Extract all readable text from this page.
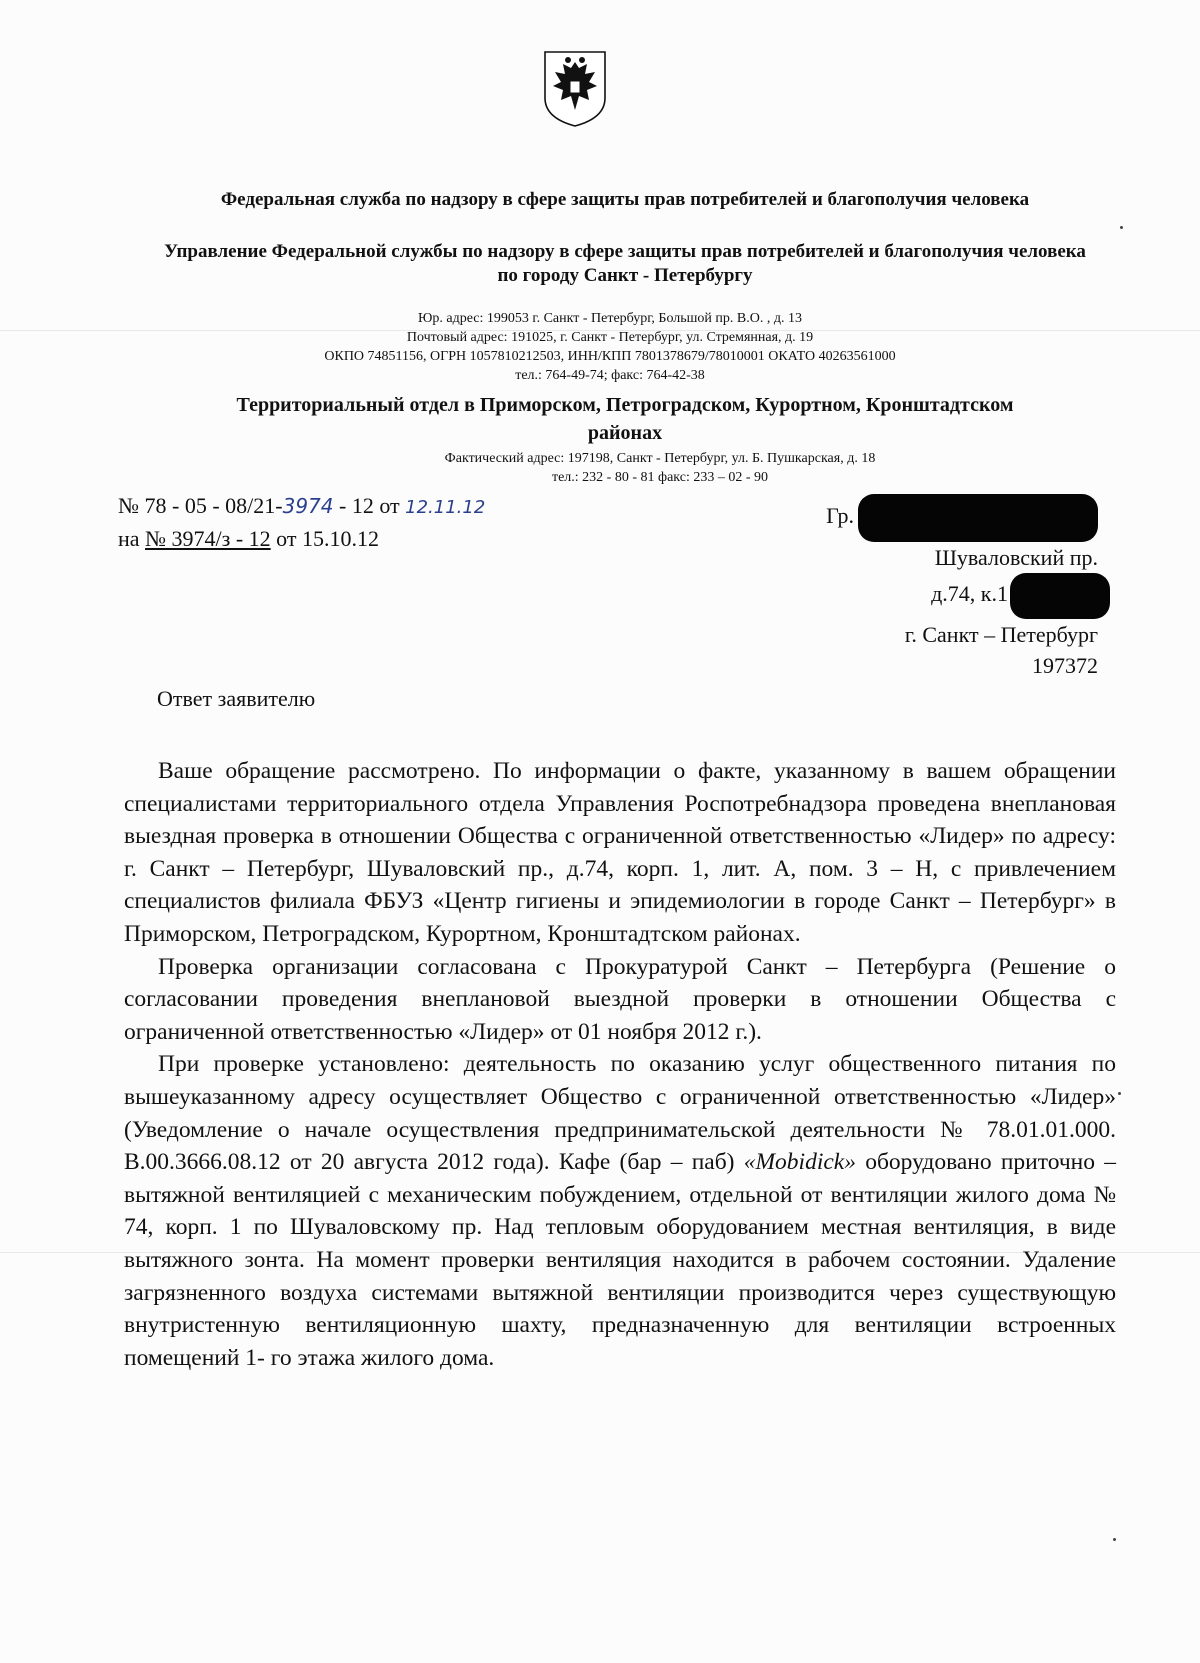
Федеральная служба по надзору в сфере защиты прав потребителей и благополучия человека
Управление Федеральной службы по надзору в сфере защиты прав потребителей и благополучия человека по городу Санкт - Петербургу
Юр. адрес: 199053 г. Санкт - Петербург, Большой пр. В.О. , д. 13
Почтовый адрес: 191025, г. Санкт - Петербург, ул. Стремянная, д. 19
ОКПО 74851156, ОГРН 1057810212503, ИНН/КПП 7801378679/78010001 ОКАТО 40263561000
тел.: 764-49-74; факс: 764-42-38
Территориальный отдел в Приморском, Петроградском, Курортном, Кронштадтском районах
Фактический адрес: 197198, Санкт - Петербург, ул. Б. Пушкарская, д. 18
тел.: 232 - 80 - 81 факс: 233 – 02 - 90
№ 78 - 05 - 08/21-3974 - 12 от 12.11.12
на № 3974/з - 12 от 15.10.12
Гр.
Шуваловский пр.
д.74, к.1
г. Санкт – Петербург
197372
Ответ заявителю

Ваше обращение рассмотрено. По информации о факте, указанному в вашем обращении специалистами территориального отдела Управления Роспотребнадзора проведена внеплановая выездная проверка в отношении Общества с ограниченной ответственностью «Лидер» по адресу: г. Санкт – Петербург, Шуваловский пр., д.74, корп. 1, лит. А, пом. 3 – Н, с привлечением специалистов филиала ФБУЗ «Центр гигиены и эпидемиологии в городе Санкт – Петербург» в Приморском, Петроградском, Курортном, Кронштадтском районах.

Проверка организации согласована с Прокуратурой Санкт – Петербурга (Решение о согласовании проведения внеплановой выездной проверки в отношении Общества с ограниченной ответственностью «Лидер» от 01 ноября 2012 г.).

При проверке установлено: деятельность по оказанию услуг общественного питания по вышеуказанному адресу осуществляет Общество с ограниченной ответственностью «Лидер» (Уведомление о начале осуществления предпринимательской деятельности № 78.01.01.000. В.00.3666.08.12 от 20 августа 2012 года). Кафе (бар – паб) «Mobidick» оборудовано приточно – вытяжной вентиляцией с механическим побуждением, отдельной от вентиляции жилого дома № 74, корп. 1 по Шуваловскому пр. Над тепловым оборудованием местная вентиляция, в виде вытяжного зонта. На момент проверки вентиляция находится в рабочем состоянии. Удаление загрязненного воздуха системами вытяжной вентиляции производится через существующую внутристенную вентиляционную шахту, предназначенную для вентиляции встроенных помещений 1- го этажа жилого дома.
